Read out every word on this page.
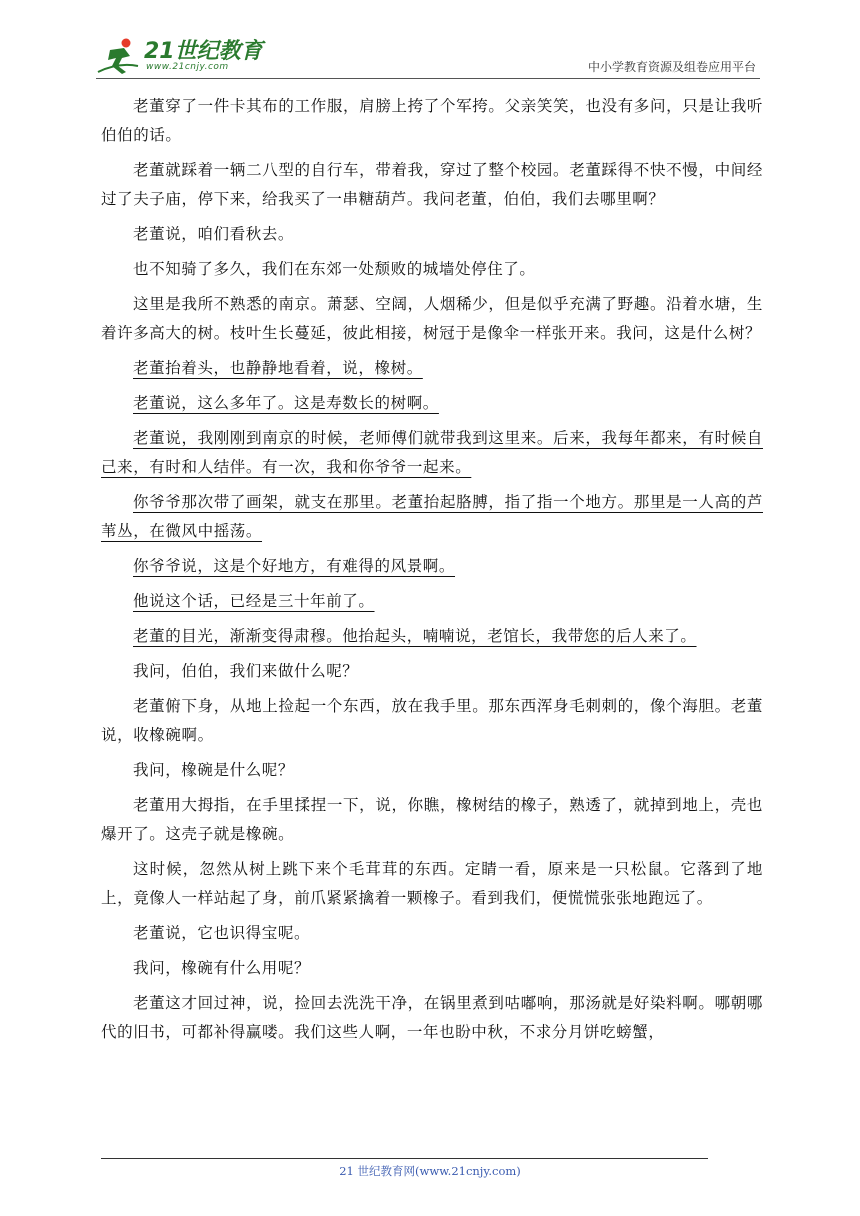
21世纪教育
www.21cnjy.com	中小学教育资源及组卷应用平台

老董穿了一件卡其布的工作服，肩膀上挎了个军挎。父亲笑笑，也没有多问，只是让我听伯伯的话。

老董就踩着一辆二八型的自行车，带着我，穿过了整个校园。老董踩得不快不慢，中间经过了夫子庙，停下来，给我买了一串糖葫芦。我问老董，伯伯，我们去哪里啊？

老董说，咱们看秋去。

也不知骑了多久，我们在东郊一处颓败的城墙处停住了。

这里是我所不熟悉的南京。萧瑟、空阔，人烟稀少，但是似乎充满了野趣。沿着水塘，生着许多高大的树。枝叶生长蔓延，彼此相接，树冠于是像伞一样张开来。我问，这是什么树？

老董抬着头，也静静地看着，说，橡树。

老董说，这么多年了。这是寿数长的树啊。

老董说，我刚刚到南京的时候，老师傅们就带我到这里来。后来，我每年都来，有时候自己来，有时和人结伴。有一次，我和你爷爷一起来。

你爷爷那次带了画架，就支在那里。老董抬起胳膊，指了指一个地方。那里是一人高的芦苇丛，在微风中摇荡。

你爷爷说，这是个好地方，有难得的风景啊。

他说这个话，已经是三十年前了。

老董的目光，渐渐变得肃穆。他抬起头，喃喃说，老馆长，我带您的后人来了。

我问，伯伯，我们来做什么呢？

老董俯下身，从地上捡起一个东西，放在我手里。那东西浑身毛刺刺的，像个海胆。老董说，收橡碗啊。

我问，橡碗是什么呢？

老董用大拇指，在手里揉捏一下，说，你瞧，橡树结的橡子，熟透了，就掉到地上，壳也爆开了。这壳子就是橡碗。

这时候，忽然从树上跳下来个毛茸茸的东西。定睛一看，原来是一只松鼠。它落到了地上，竟像人一样站起了身，前爪紧紧擒着一颗橡子。看到我们，便慌慌张张地跑远了。

老董说，它也识得宝呢。

我问，橡碗有什么用呢？

老董这才回过神，说，捡回去洗洗干净，在锅里煮到咕嘟响，那汤就是好染料啊。哪朝哪代的旧书，可都补得赢喽。我们这些人啊，一年也盼中秋，不求分月饼吃螃蟹，

21 世纪教育网(www.21cnjy.com)
